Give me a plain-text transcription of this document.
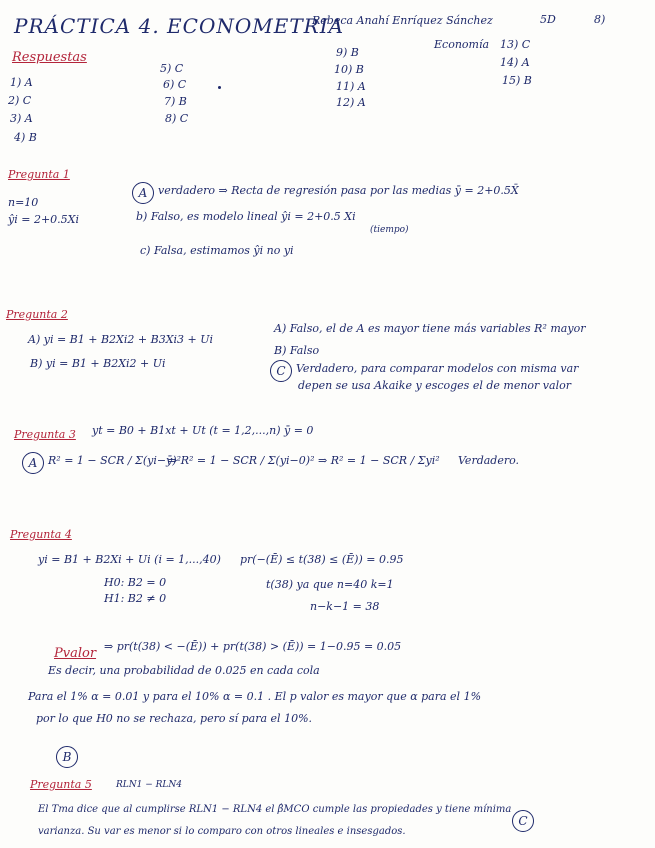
PRÁCTICA 4. ECONOMETRIA
Rebeca Anahí Enríquez Sánchez	5D	8)
Economía
Respuestas
1) A
2) C
3) A
4) B
5) C
6) C
7) B
8) C
9) B
10) B
11) A
12) A
13) C
14) A
15) B
Pregunta 1
n=10
ŷi = 2+0.5Xi
A verdadero ⇒ Recta de regresión pasa por las medias ȳ = 2+0.5X̄
b) Falso, es modelo lineal ŷi = 2+0.5 Xi
(tiempo)
c) Falsa, estimamos ŷi no yi
Pregunta 2
A) yi = B1 + B2Xi2 + B3Xi3 + Ui
B) yi = B1 + B2Xi2 + Ui
A) Falso, el de A es mayor tiene más variables R² mayor
B) Falso
C Verdadero, para comparar modelos con misma var
depen se usa Akaike y escoges el de menor valor
Pregunta 3 yt = B0 + B1xt + Ut (t = 1,2,...,n) ȳ = 0
A R² = 1 − SCR / Σ(yi−ȳ)²
⇒ R² = 1 − SCR / Σ(yi−0)² ⇒ R² = 1 − SCR / Σyi² Verdadero.
Pregunta 4
yi = B1 + B2Xi + Ui (i = 1,...,40)
H0: B2 = 0
H1: B2 ≠ 0
pr(−(Ē) ≤ t(38) ≤ (Ē)) = 0.95
t(38) ya que n=40 k=1
n−k−1 = 38
Pvalor ⇒ pr(t(38) < −(Ē)) + pr(t(38) > (Ē)) = 1−0.95 = 0.05
Es decir, una probabilidad de 0.025 en cada cola
Para el 1% α = 0.01 y para el 10% α = 0.1 . El p valor es mayor que α para el 1%
por lo que H0 no se rechaza, pero sí para el 10%.
B
Pregunta 5	RLN1 − RLN4
El Tma dice que al cumplirse RLN1 − RLN4 el β̂MCO cumple las propiedades y tiene mínima
varianza. Su var es menor si lo comparo con otros lineales e insesgados.
C
